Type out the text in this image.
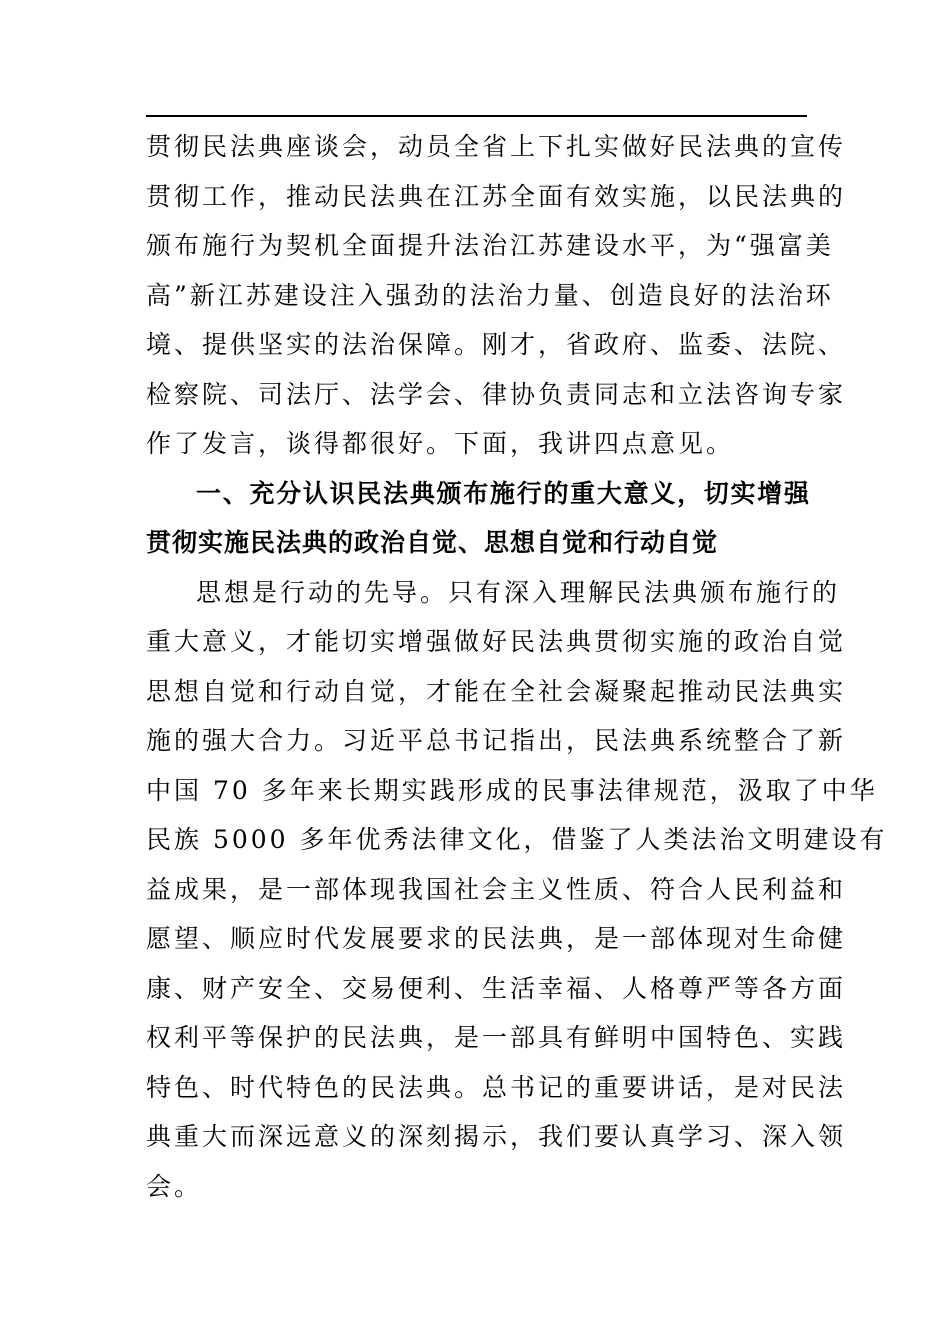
贯彻民法典座谈会，动员全省上下扎实做好民法典的宣传
贯彻工作，推动民法典在江苏全面有效实施，以民法典的
颁布施行为契机全面提升法治江苏建设水平，为“强富美
高”新江苏建设注入强劲的法治力量、创造良好的法治环
境、提供坚实的法治保障。刚才，省政府、监委、法院、
检察院、司法厅、法学会、律协负责同志和立法咨询专家
作了发言，谈得都很好。下面，我讲四点意见。
一、充分认识民法典颁布施行的重大意义，切实增强
贯彻实施民法典的政治自觉、思想自觉和行动自觉
思想是行动的先导。只有深入理解民法典颁布施行的
重大意义，才能切实增强做好民法典贯彻实施的政治自觉
思想自觉和行动自觉，才能在全社会凝聚起推动民法典实
施的强大合力。习近平总书记指出，民法典系统整合了新
中国 70 多年来长期实践形成的民事法律规范，汲取了中华
民族 5000 多年优秀法律文化，借鉴了人类法治文明建设有
益成果，是一部体现我国社会主义性质、符合人民利益和
愿望、顺应时代发展要求的民法典，是一部体现对生命健
康、财产安全、交易便利、生活幸福、人格尊严等各方面
权利平等保护的民法典，是一部具有鲜明中国特色、实践
特色、时代特色的民法典。总书记的重要讲话，是对民法
典重大而深远意义的深刻揭示，我们要认真学习、深入领
会。
